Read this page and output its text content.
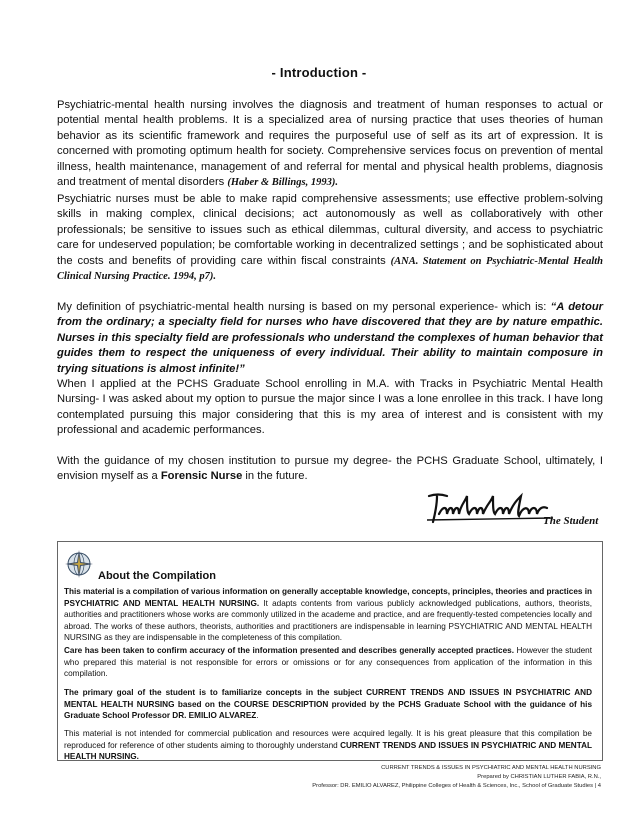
- Introduction -
Psychiatric-mental health nursing involves the diagnosis and treatment of human responses to actual or potential mental health problems. It is a specialized area of nursing practice that uses theories of human behavior as its scientific framework and requires the purposeful use of self as its art of expression. It is concerned with promoting optimum health for society. Comprehensive services focus on prevention of mental illness, health maintenance, management of and referral for mental and physical health problems, diagnosis and treatment of mental disorders (Haber & Billings, 1993).
Psychiatric nurses must be able to make rapid comprehensive assessments; use effective problem-solving skills in making complex, clinical decisions; act autonomously as well as collaboratively with other professionals; be sensitive to issues such as ethical dilemmas, cultural diversity, and access to psychiatric care for undeserved population; be comfortable working in decentralized settings ; and be sophisticated about the costs and benefits of providing care within fiscal constraints (ANA. Statement on Psychiatric-Mental Health Clinical Nursing Practice. 1994, p7).
My definition of psychiatric-mental health nursing is based on my personal experience- which is: “A detour from the ordinary; a specialty field for nurses who have discovered that they are by nature empathic. Nurses in this specialty field are professionals who understand the complexes of human behavior that guides them to respect the uniqueness of every individual. Their ability to maintain composure in trying situations is almost infinite!”
When I applied at the PCHS Graduate School enrolling in M.A. with Tracks in Psychiatric Mental Health Nursing- I was asked about my option to pursue the major since I was a lone enrollee in this track. I have long contemplated pursuing this major considering that this is my area of interest and is consistent with my professional and academic performances.
With the guidance of my chosen institution to pursue my degree- the PCHS Graduate School, ultimately, I envision myself as a Forensic Nurse in the future.
The Student
About the Compilation
This material is a compilation of various information on generally acceptable knowledge, concepts, principles, theories and practices in PSYCHIATRIC AND MENTAL HEALTH NURSING. It adapts contents from various publicly acknowledged publications, authors, theorists, authorities and practitioners whose works are commonly utilized in the academe and practice, and are frequently-tested competencies locally and abroad. The works of these authors, theorists, authorities and practitioners are indispensable in learning PSYCHIATRIC AND MENTAL HEALTH NURSING as they are indispensable in the completeness of this compilation.
Care has been taken to confirm accuracy of the information presented and describes generally accepted practices. However the student who prepared this material is not responsible for errors or omissions or for any consequences from application of the information in this compilation.
The primary goal of the student is to familiarize concepts in the subject CURRENT TRENDS AND ISSUES IN PSYCHIATRIC AND MENTAL HEALTH NURSING based on the COURSE DESCRIPTION provided by the PCHS Graduate School with the guidance of his Graduate School Professor DR. EMILIO ALVAREZ.
This material is not intended for commercial publication and resources were acquired legally. It is his great pleasure that this compilation be reproduced for reference of other students aiming to thoroughly understand CURRENT TRENDS AND ISSUES IN PSYCHIATRIC AND MENTAL HEALTH NURSING.
CURRENT TRENDS & ISSUES IN PSYCHIATRIC AND MENTAL HEALTH NURSING
Prepared by CHRISTIAN LUTHER FABIA, R.N.,
Professor: DR. EMILIO ALVAREZ, Philippine Colleges of Health & Sciences, Inc., School of Graduate Studies | 4
